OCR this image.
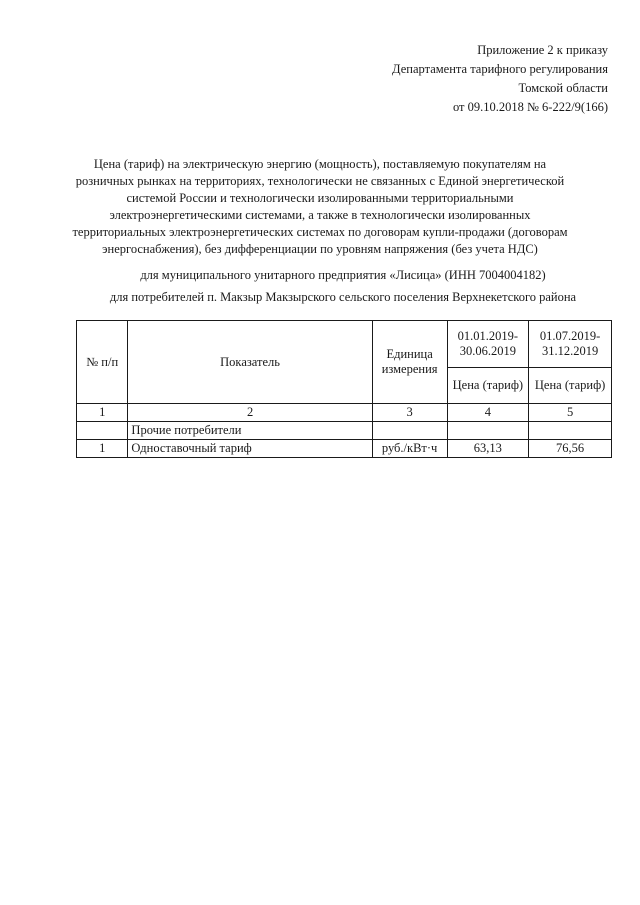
Приложение 2 к приказу
Департамента тарифного регулирования
Томской области
от 09.10.2018 № 6-222/9(166)
Цена (тариф) на электрическую энергию (мощность), поставляемую покупателям на розничных рынках на территориях, технологически не связанных с Единой энергетической системой России и технологически изолированными территориальными электроэнергетическими системами, а также в технологически изолированных территориальных электроэнергетических системах по договорам купли-продажи (договорам энергоснабжения), без дифференциации по уровням напряжения (без учета НДС)
для муниципального унитарного предприятия «Лисица» (ИНН 7004004182)
для потребителей п. Макзыр Макзырского сельского поселения Верхнекетского района
№ п/п	Показатель	Единица измерения	01.01.2019-30.06.2019	01.07.2019-31.12.2019
			Цена (тариф)	Цена (тариф)
1	2	3	4	5
	Прочие потребители			
1	Одноставочный тариф	руб./кВт·ч	63,13	76,56
